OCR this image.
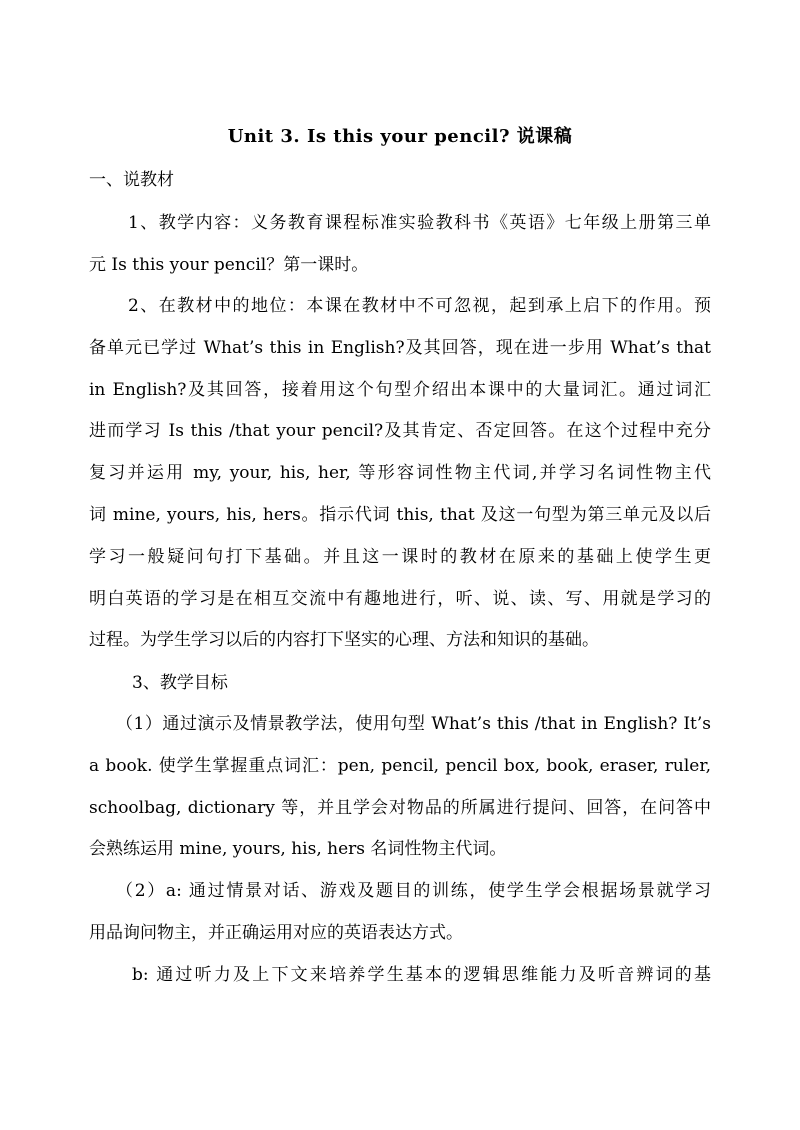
Unit 3. Is this your pencil? 说课稿
一、说教材
1、教学内容：义务教育课程标准实验教科书《英语》七年级上册第三单
元 Is this your pencil？第一课时。
2、在教材中的地位：本课在教材中不可忽视，起到承上启下的作用。预
备单元已学过 What’s this in English?及其回答，现在进一步用 What’s that
in English?及其回答，接着用这个句型介绍出本课中的大量词汇。通过词汇
进而学习 Is this /that your pencil?及其肯定、否定回答。在这个过程中充分
复习并运用 my, your, his, her, 等形容词性物主代词,并学习名词性物主代
词 mine, yours, his, hers。指示代词 this, that 及这一句型为第三单元及以后
学习一般疑问句打下基础。并且这一课时的教材在原来的基础上使学生更
明白英语的学习是在相互交流中有趣地进行，听、说、读、写、用就是学习的
过程。为学生学习以后的内容打下坚实的心理、方法和知识的基础。
3、教学目标
（1）通过演示及情景教学法，使用句型 What’s this /that in English? It’s
a book. 使学生掌握重点词汇：pen, pencil, pencil box, book, eraser, ruler,
schoolbag, dictionary 等，并且学会对物品的所属进行提问、回答，在问答中
会熟练运用 mine, yours, his, hers 名词性物主代词。
（2）a: 通过情景对话、游戏及题目的训练，使学生学会根据场景就学习
用品询问物主，并正确运用对应的英语表达方式。
b: 通过听力及上下文来培养学生基本的逻辑思维能力及听音辨词的基
